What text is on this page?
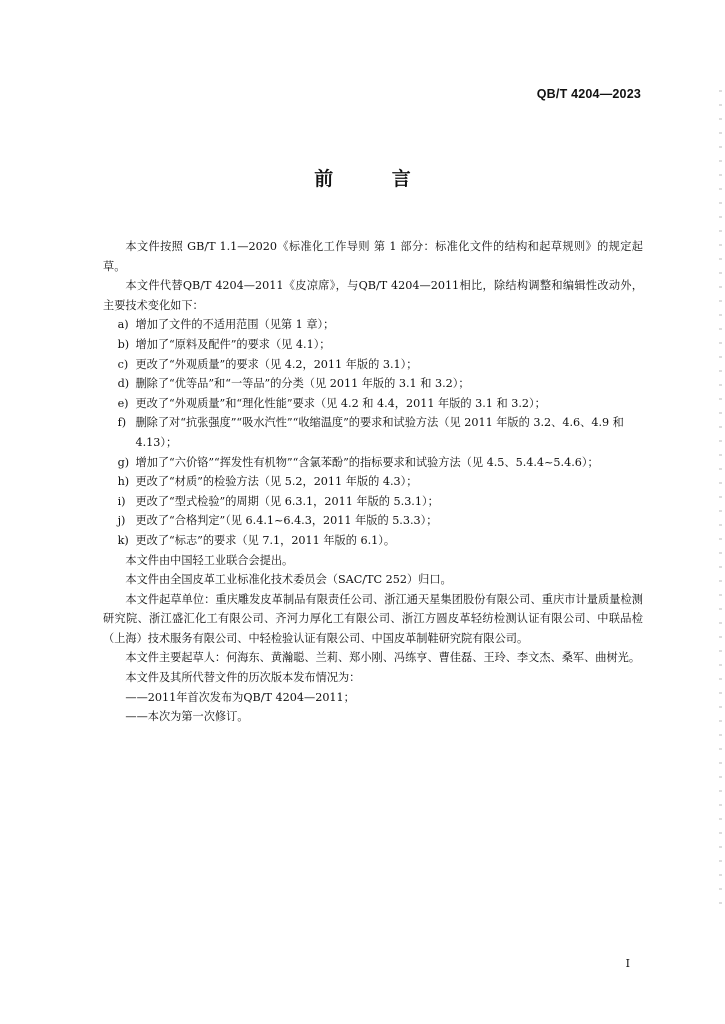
QB/T 4204—2023
前 言

本文件按照 GB/T 1.1—2020《标准化工作导则 第 1 部分：标准化文件的结构和起草规则》的规定起草。

本文件代替QB/T 4204—2011《皮凉席》，与QB/T 4204—2011相比，除结构调整和编辑性改动外，主要技术变化如下：

a) 增加了文件的不适用范围（见第 1 章）；

b) 增加了“原料及配件”的要求（见 4.1）；

c) 更改了“外观质量”的要求（见 4.2，2011 年版的 3.1）；

d) 删除了“优等品”和“一等品”的分类（见 2011 年版的 3.1 和 3.2）；

e) 更改了“外观质量”和“理化性能”要求（见 4.2 和 4.4，2011 年版的 3.1 和 3.2）；

f) 删除了对“抗张强度”“吸水汽性”“收缩温度”的要求和试验方法（见 2011 年版的 3.2、4.6、4.9 和 4.13）；

g) 增加了“六价铬”“挥发性有机物”“含氯苯酚”的指标要求和试验方法（见 4.5、5.4.4~5.4.6）；

h) 更改了“材质”的检验方法（见 5.2，2011 年版的 4.3）；

i) 更改了“型式检验”的周期（见 6.3.1，2011 年版的 5.3.1）；

j) 更改了“合格判定”（见 6.4.1~6.4.3，2011 年版的 5.3.3）；

k) 更改了“标志”的要求（见 7.1，2011 年版的 6.1）。

本文件由中国轻工业联合会提出。

本文件由全国皮革工业标准化技术委员会（SAC/TC 252）归口。

本文件起草单位：重庆雕发皮革制品有限责任公司、浙江通天星集团股份有限公司、重庆市计量质量检测研究院、浙江盛汇化工有限公司、齐河力厚化工有限公司、浙江方圆皮革轻纺检测认证有限公司、中联品检（上海）技术服务有限公司、中轻检验认证有限公司、中国皮革制鞋研究院有限公司。

本文件主要起草人：何海东、黄瀚聪、兰莉、郑小刚、冯练亨、曹佳磊、王玲、李文杰、桑军、曲树光。

本文件及其所代替文件的历次版本发布情况为：

——2011年首次发布为QB/T 4204—2011；

——本次为第一次修订。

I
